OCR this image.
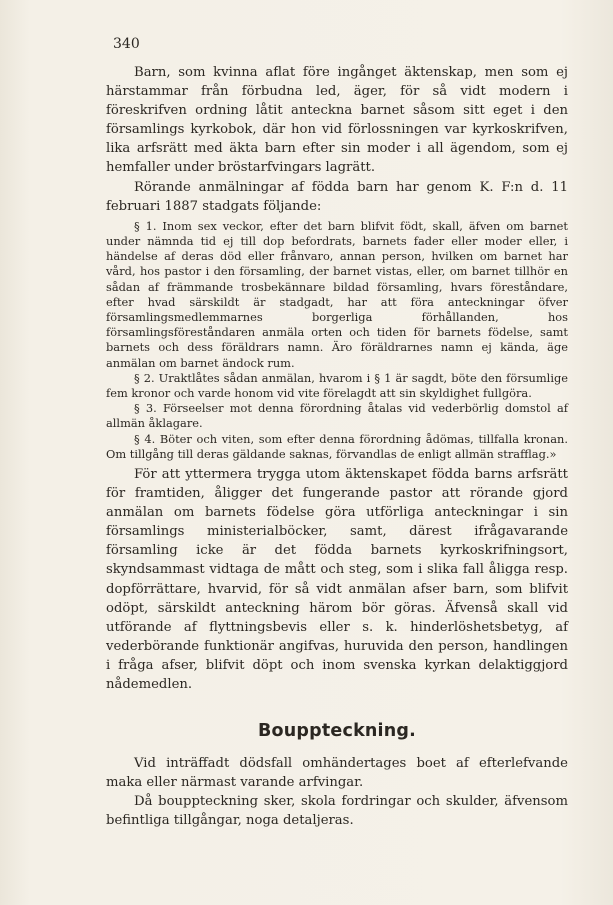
340

Barn, som kvinna aflat före ingånget äktenskap, men som ej härstammar från förbudna led, äger, för så vidt modern i föreskrifven ordning låtit anteckna barnet såsom sitt eget i den församlings kyrkobok, där hon vid förlossningen var kyrkoskrifven, lika arfsrätt med äkta barn efter sin moder i all ägendom, som ej hemfaller under bröstarfvingars lagrätt.

Rörande anmälningar af födda barn har genom K. F:n d. 11 februari 1887 stadgats följande:

§ 1. Inom sex veckor, efter det barn blifvit födt, skall, äfven om barnet under nämnda tid ej till dop befordrats, barnets fader eller moder eller, i händelse af deras död eller frånvaro, annan person, hvilken om barnet har vård, hos pastor i den församling, der barnet vistas, eller, om barnet tillhör en sådan af främmande trosbekännare bildad församling, hvars föreståndare, efter hvad särskildt är stadgadt, har att föra anteckningar öfver församlingsmedlemmarnes borgerliga förhållanden, hos församlingsföreståndaren anmäla orten och tiden för barnets födelse, samt barnets och dess föräldrars namn. Äro föräldrarnes namn ej kända, äge anmälan om barnet ändock rum.

§ 2. Uraktlåtes sådan anmälan, hvarom i § 1 är sagdt, böte den försumlige fem kronor och varde honom vid vite förelagdt att sin skyldighet fullgöra.

§ 3. Förseelser mot denna förordning åtalas vid vederbörlig domstol af allmän åklagare.

§ 4. Böter och viten, som efter denna förordning ådömas, tillfalla kronan. Om tillgång till deras gäldande saknas, förvandlas de enligt allmän strafflag.»

För att yttermera trygga utom äktenskapet födda barns arfsrätt för framtiden, åligger det fungerande pastor att rörande gjord anmälan om barnets födelse göra utförliga anteckningar i sin församlings ministerialböcker, samt, därest ifrågavarande församling icke är det födda barnets kyrkoskrifningsort, skyndsammast vidtaga de mått och steg, som i slika fall åligga resp. dopförrättare, hvarvid, för så vidt anmälan afser barn, som blifvit odöpt, särskildt anteckning härom bör göras. Äfvenså skall vid utförande af flyttningsbevis eller s. k. hinderlöshetsbetyg, af vederbörande funktionär angifvas, huruvida den person, handlingen i fråga afser, blifvit döpt och inom svenska kyrkan delaktiggjord nådemedlen.

Bouppteckning.

Vid inträffadt dödsfall omhändertages boet af efterlefvande maka eller närmast varande arfvingar.

Då bouppteckning sker, skola fordringar och skulder, äfvensom befintliga tillgångar, noga detaljeras.
